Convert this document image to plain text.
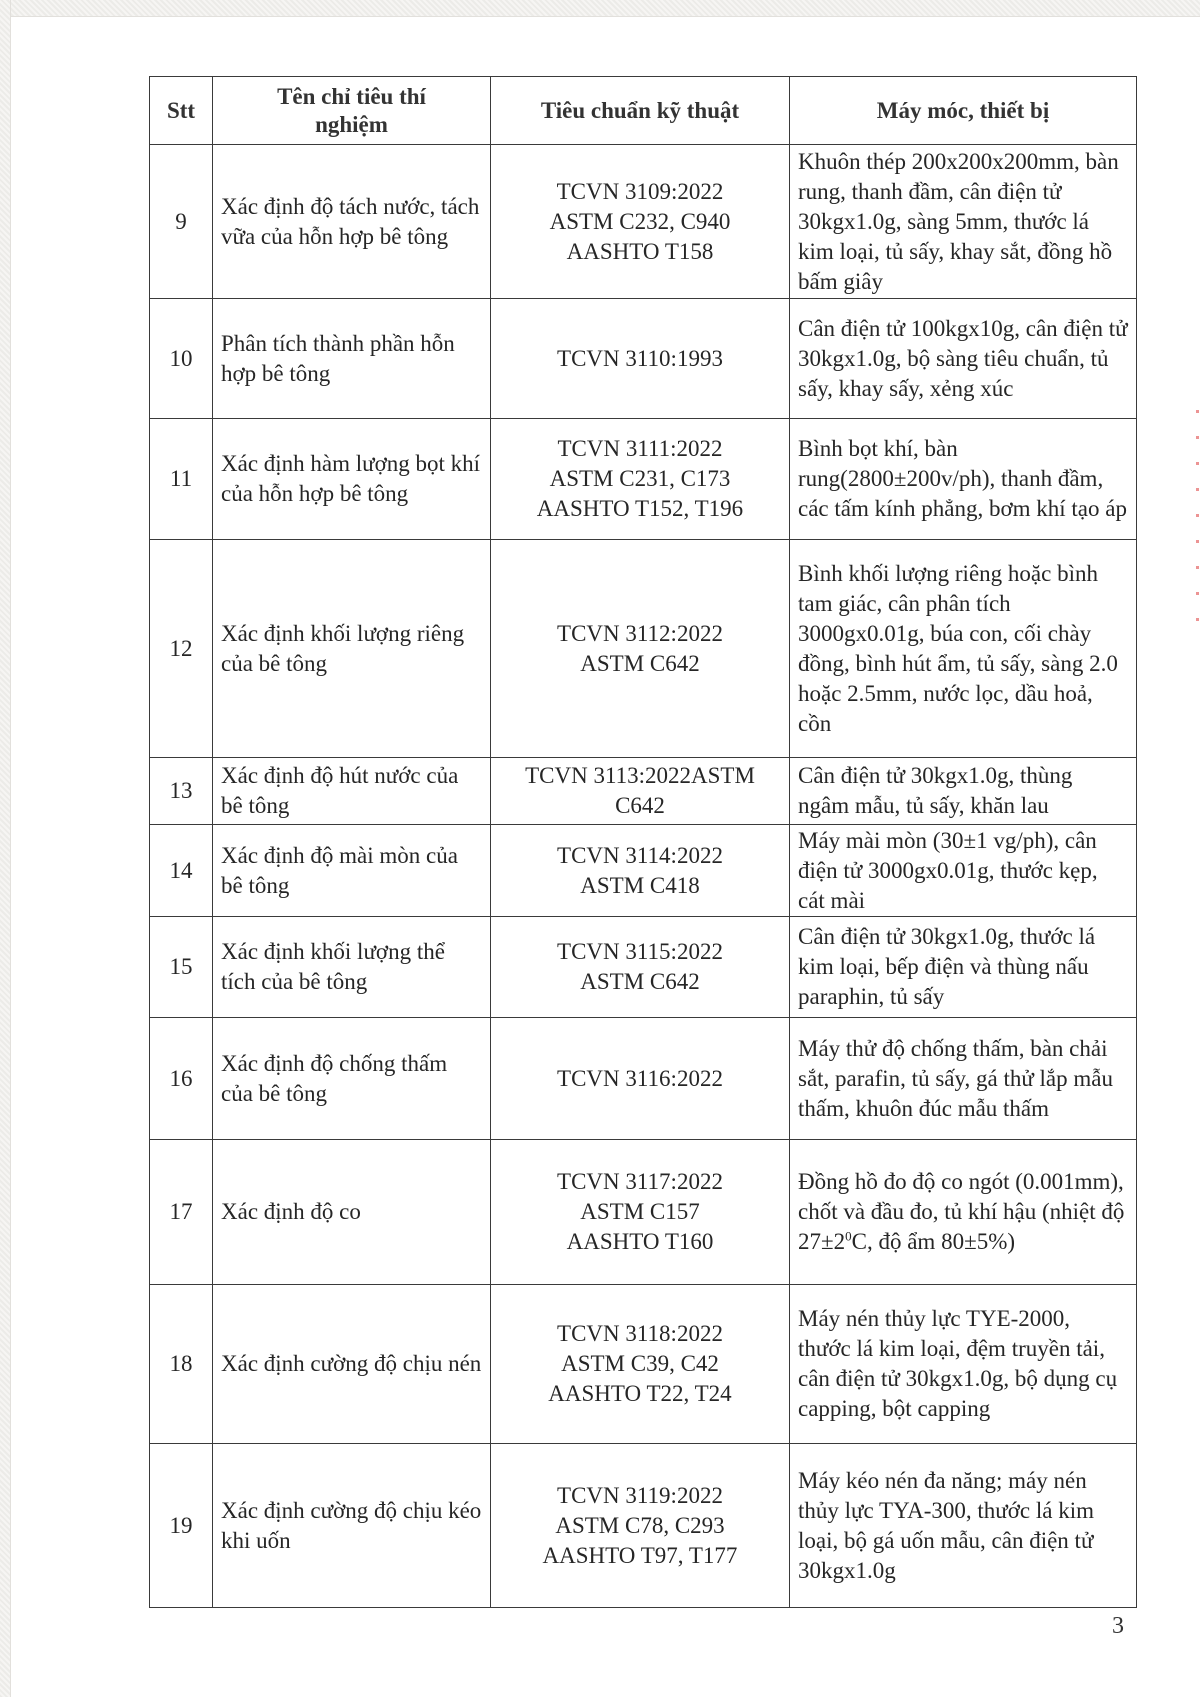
Stt	Tên chỉ tiêu thí nghiệm	Tiêu chuẩn kỹ thuật	Máy móc, thiết bị
9	Xác định độ tách nước, tách vữa của hỗn hợp bê tông	TCVN 3109:2022
ASTM C232, C940
AASHTO T158	Khuôn thép 200x200x200mm, bàn rung, thanh đầm, cân điện tử 30kgx1.0g, sàng 5mm, thước lá kim loại, tủ sấy, khay sắt, đồng hồ bấm giây
10	Phân tích thành phần hỗn hợp bê tông	TCVN 3110:1993	Cân điện tử 100kgx10g, cân điện tử 30kgx1.0g, bộ sàng tiêu chuẩn, tủ sấy, khay sấy, xẻng xúc
11	Xác định hàm lượng bọt khí của hỗn hợp bê tông	TCVN 3111:2022
ASTM C231, C173
AASHTO T152, T196	Bình bọt khí, bàn rung(2800±200v/ph), thanh đầm, các tấm kính phẳng, bơm khí tạo áp
12	Xác định khối lượng riêng của bê tông	TCVN 3112:2022
ASTM C642	Bình khối lượng riêng hoặc bình tam giác, cân phân tích 3000gx0.01g, búa con, cối chày đồng, bình hút ẩm, tủ sấy, sàng 2.0 hoặc 2.5mm, nước lọc, dầu hoả, cồn
13	Xác định độ hút nước của bê tông	TCVN 3113:2022ASTM
C642	Cân điện tử 30kgx1.0g, thùng ngâm mẫu, tủ sấy, khăn lau
14	Xác định độ mài mòn của bê tông	TCVN 3114:2022
ASTM C418	Máy mài mòn (30±1 vg/ph), cân điện tử 3000gx0.01g, thước kẹp, cát mài
15	Xác định khối lượng thể tích của bê tông	TCVN 3115:2022
ASTM C642	Cân điện tử 30kgx1.0g, thước lá kim loại, bếp điện và thùng nấu paraphin, tủ sấy
16	Xác định độ chống thấm của bê tông	TCVN 3116:2022	Máy thử độ chống thấm, bàn chải sắt, parafin, tủ sấy, gá thử lắp mẫu thấm, khuôn đúc mẫu thấm
17	Xác định độ co	TCVN 3117:2022
ASTM C157
AASHTO T160	Đồng hồ đo độ co ngót (0.001mm), chốt và đầu đo, tủ khí hậu (nhiệt độ $27\pm 2^0C$, độ ẩm 80±5%)
18	Xác định cường độ chịu nén	TCVN 3118:2022
ASTM C39, C42
AASHTO T22, T24	Máy nén thủy lực TYE-2000, thước lá kim loại, đệm truyền tải, cân điện tử 30kgx1.0g, bộ dụng cụ capping, bột capping
19	Xác định cường độ chịu kéo khi uốn	TCVN 3119:2022
ASTM C78, C293
AASHTO T97, T177	Máy kéo nén đa năng; máy nén thủy lực TYA-300, thước lá kim loại, bộ gá uốn mẫu, cân điện tử 30kgx1.0g
3
